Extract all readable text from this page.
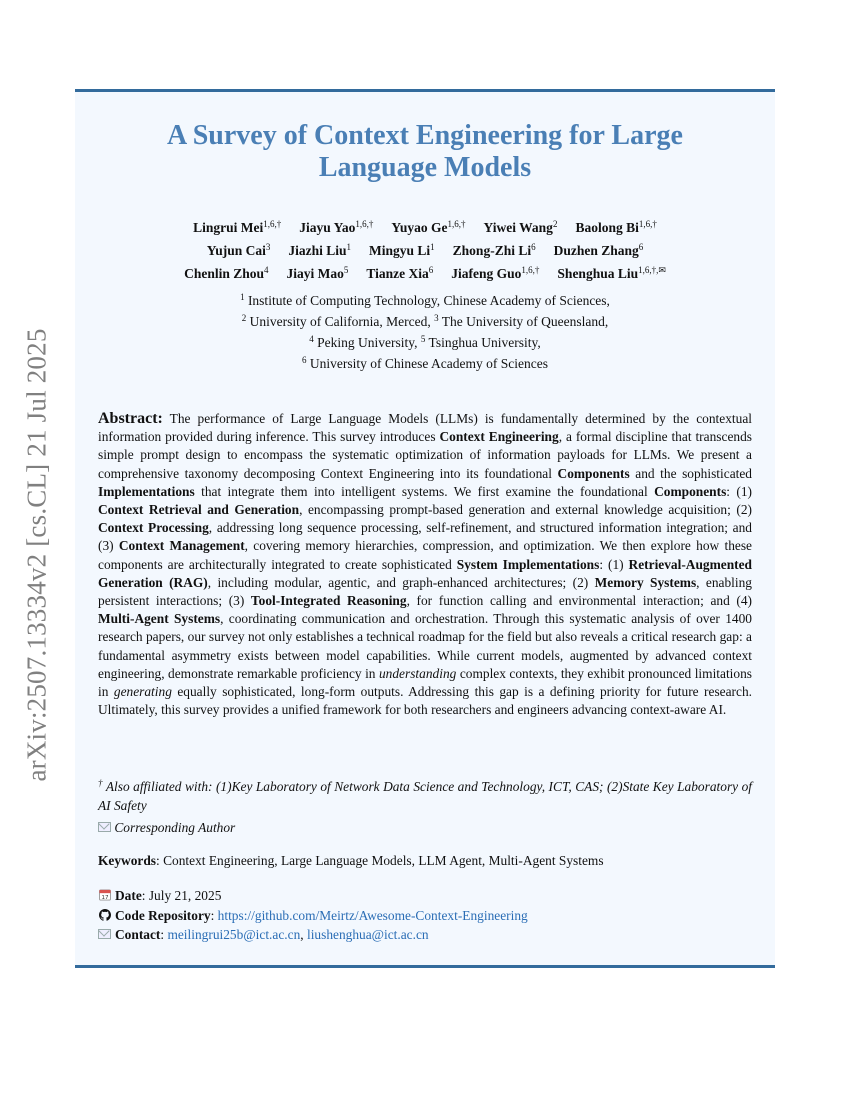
arXiv:2507.13334v2 [cs.CL] 21 Jul 2025
A Survey of Context Engineering for Large
Language Models
Lingrui Mei$^{1,6,\dagger}$ Jiayu Yao$^{1,6,\dagger}$ Yuyao $Ge^{1,6,\dagger}$ Yiwei Wang$^2$ Baolong $Bi^{1,6,\dagger}$
Yujun Cai$^3$ Jiazhi Liu$^1$ Mingyu Li$^1$ Zhong-Zhi Li$^6$ Duzhen Zhang$^6$
Chenlin Zhou$^4$ Jiayi Mao$^5$ Tianze Xia$^6$ Jiafeng Guo$^{1,6,\dagger}$ Shenghua Liu$^{1,6,\dagger,✉}$
$^1$ Institute of Computing Technology, Chinese Academy of Sciences,
$^2$ University of California, Merced, $^3$ The University of Queensland,
$^4$ Peking University, $^5$ Tsinghua University,
$^6$ University of Chinese Academy of Sciences
Abstract: The performance of Large Language Models (LLMs) is fundamentally determined by the contextual information provided during inference. This survey introduces Context Engineering, a formal discipline that transcends simple prompt design to encompass the systematic optimization of information payloads for LLMs. We present a comprehensive taxonomy decomposing Context Engineering into its foundational Components and the sophisticated Implementations that integrate them into intelligent systems. We first examine the foundational Components: (1) Context Retrieval and Generation, encompassing prompt-based generation and external knowledge acquisition; (2) Context Processing, addressing long sequence processing, self-refinement, and structured information integration; and (3) Context Management, covering memory hierarchies, compression, and optimization. We then explore how these components are architecturally integrated to create sophisticated System Implementations: (1) Retrieval-Augmented Generation (RAG), including modular, agentic, and graph-enhanced architectures; (2) Memory Systems, enabling persistent interactions; (3) Tool-Integrated Reasoning, for function calling and environmental interaction; and (4) Multi-Agent Systems, coordinating communication and orchestration. Through this systematic analysis of over 1400 research papers, our survey not only establishes a technical roadmap for the field but also reveals a critical research gap: a fundamental asymmetry exists between model capabilities. While current models, augmented by advanced context engineering, demonstrate remarkable proficiency in understanding complex contexts, they exhibit pronounced limitations in generating equally sophisticated, long-form outputs. Addressing this gap is a defining priority for future research. Ultimately, this survey provides a unified framework for both researchers and engineers advancing context-aware AI.

† Also affiliated with: (1)Key Laboratory of Network Data Science and Technology, ICT, CAS; (2)State Key Laboratory of AI Safety

Corresponding Author

Keywords: Context Engineering, Large Language Models, LLM Agent, Multi-Agent Systems
17 Date: July 21, 2025
Code Repository: https://github.com/Meirtz/Awesome-Context-Engineering
Contact: meilingrui25b@ict.ac.cn, liushenghua@ict.ac.cn
